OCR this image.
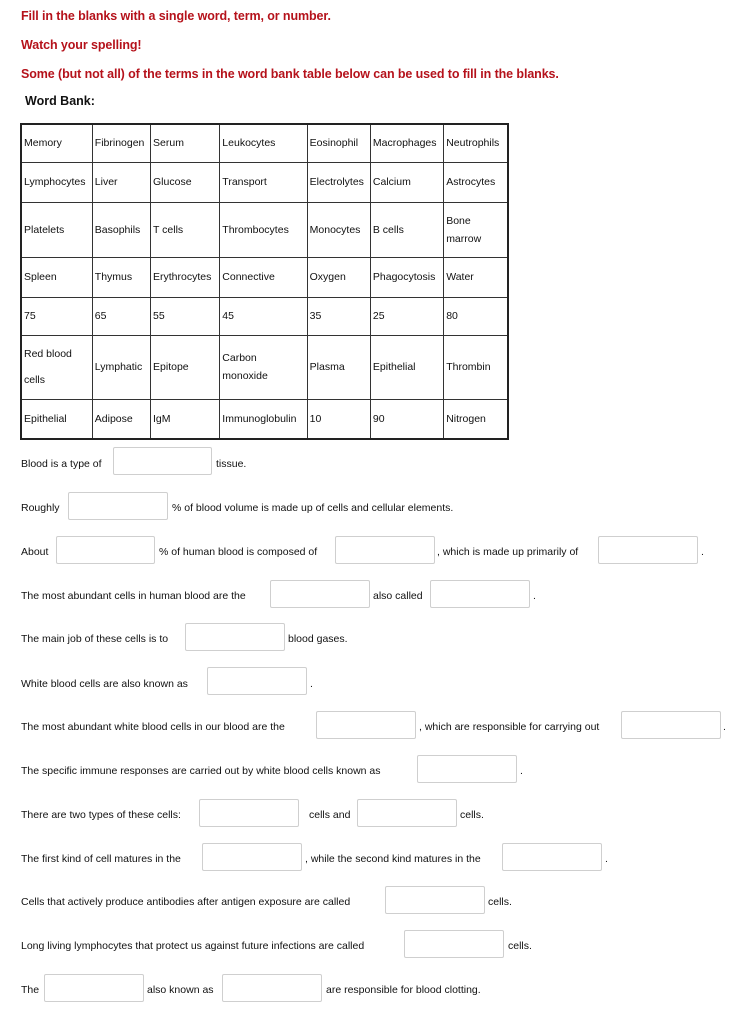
Fill in the blanks with a single word, term, or number.

Watch your spelling!

Some (but not all) of the terms in the word bank table below can be used to fill in the blanks.

Word Bank:

Memory	Fibrinogen	Serum	Leukocytes	Eosinophil	Macrophages	Neutrophils
Lymphocytes	Liver	Glucose	Transport	Electrolytes	Calcium	Astrocytes
Platelets	Basophils	T cells	Thrombocytes	Monocytes	B cells	Bone marrow
Spleen	Thymus	Erythrocytes	Connective	Oxygen	Phagocytosis	Water
75	65	55	45	35	25	80
Red blood cells	Lymphatic	Epitope	Carbon monoxide	Plasma	Epithelial	Thrombin
Epithelial	Adipose	IgM	Immunoglobulin	10	90	Nitrogen
Blood is a type of	tissue.
Roughly	% of blood volume is made up of cells and cellular elements.
About	% of human blood is composed of	, which is made up primarily of	.
The most abundant cells in human blood are the	also called	.
The main job of these cells is to	blood gases.
White blood cells are also known as	.
The most abundant white blood cells in our blood are the	, which are responsible for carrying out	.
The specific immune responses are carried out by white blood cells known as	.
There are two types of these cells:	cells and	cells.
The first kind of cell matures in the	, while the second kind matures in the	.
Cells that actively produce antibodies after antigen exposure are called	cells.
Long living lymphocytes that protect us against future infections are called	cells.
The	also known as	are responsible for blood clotting.
